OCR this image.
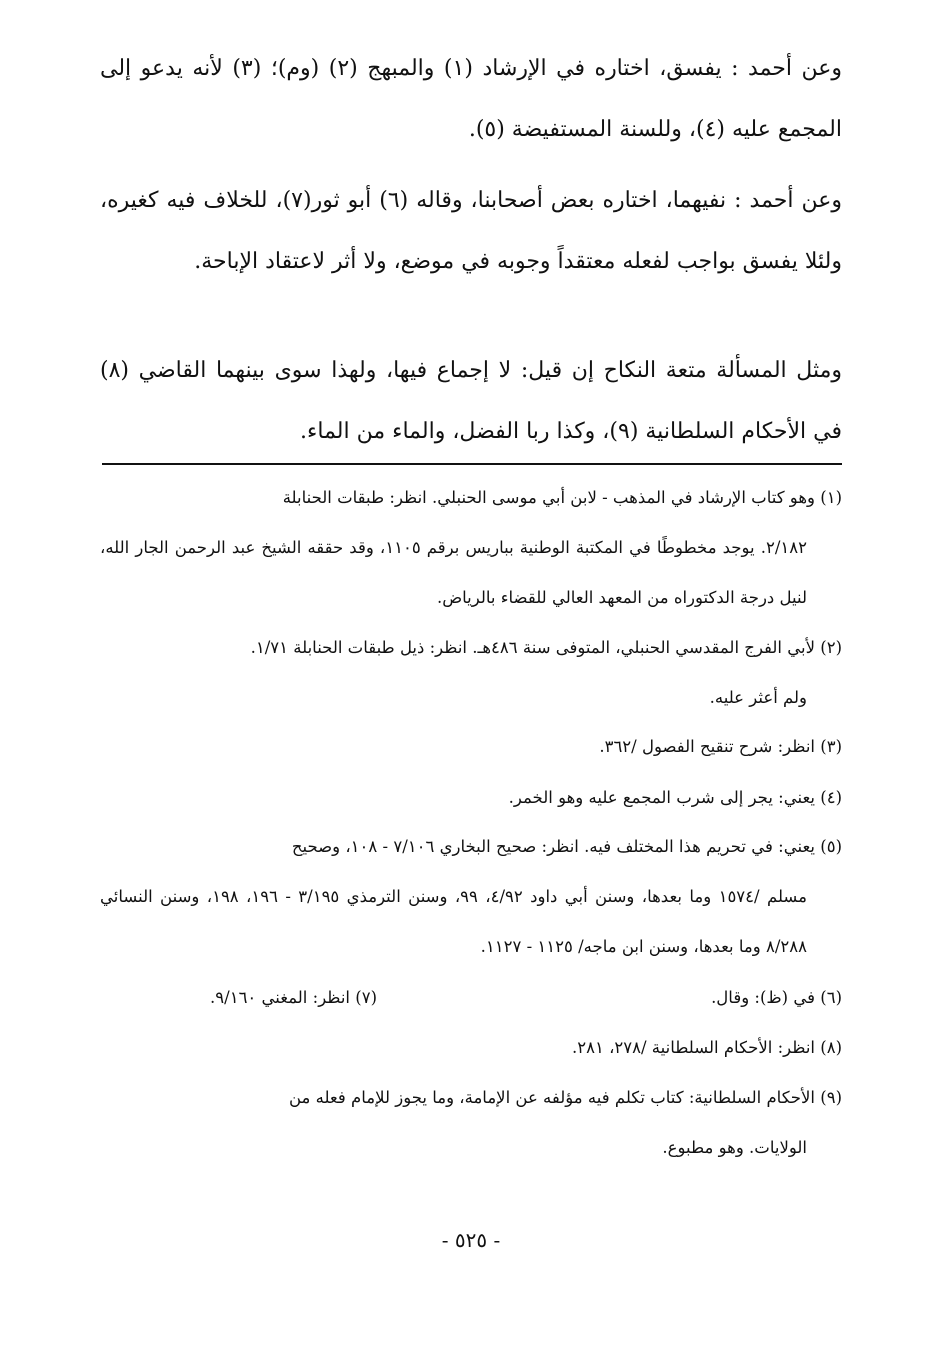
وعن أحمد : يفسق، اختاره في الإرشاد (١) والمبهج (٢) (وم)؛ (٣) لأنه يدعو إلى المجمع عليه (٤)، وللسنة المستفيضة (٥).

وعن أحمد : نفيهما، اختاره بعض أصحابنا، وقاله (٦) أبو ثور(٧)، للخلاف فيه كغيره، ولئلا يفسق بواجب لفعله معتقداً وجوبه في موضع، ولا أثر لاعتقاد الإباحة.

ومثل المسألة متعة النكاح إن قيل: لا إجماع فيها، ولهذا سوى بينهما القاضي (٨) في الأحكام السلطانية (٩)، وكذا ربا الفضل، والماء من الماء.

(١) وهو كتاب الإرشاد في المذهب - لابن أبي موسى الحنبلي. انظر: طبقات الحنابلة
٢/١٨٢. يوجد مخطوطًا في المكتبة الوطنية بباريس برقم ١١٠٥، وقد حققه الشيخ عبد الرحمن الجار الله، لنيل درجة الدكتوراه من المعهد العالي للقضاء بالرياض.
(٢) لأبي الفرج المقدسي الحنبلي، المتوفى سنة ٤٨٦هـ. انظر: ذيل طبقات الحنابلة ١/٧١.
ولم أعثر عليه.
(٣) انظر: شرح تنقيح الفصول /٣٦٢.
(٤) يعني: يجر إلى شرب المجمع عليه وهو الخمر.
(٥) يعني: في تحريم هذا المختلف فيه. انظر: صحيح البخاري ٧/١٠٦ - ١٠٨، وصحيح
مسلم /١٥٧٤ وما بعدها، وسنن أبي داود ٤/٩٢، ٩٩، وسنن الترمذي ٣/١٩٥ - ١٩٦، ١٩٨، وسنن النسائي ٨/٢٨٨ وما بعدها، وسنن ابن ماجه/ ١١٢٥ - ١١٢٧.
(٦) في (ظ): وقال.
(٧) انظر: المغني ٩/١٦٠.
(٨) انظر: الأحكام السلطانية /٢٧٨، ٢٨١.
(٩) الأحكام السلطانية: كتاب تكلم فيه مؤلفه عن الإمامة، وما يجوز للإمام فعله من
الولايات. وهو مطبوع.
- ٥٢٥ -
